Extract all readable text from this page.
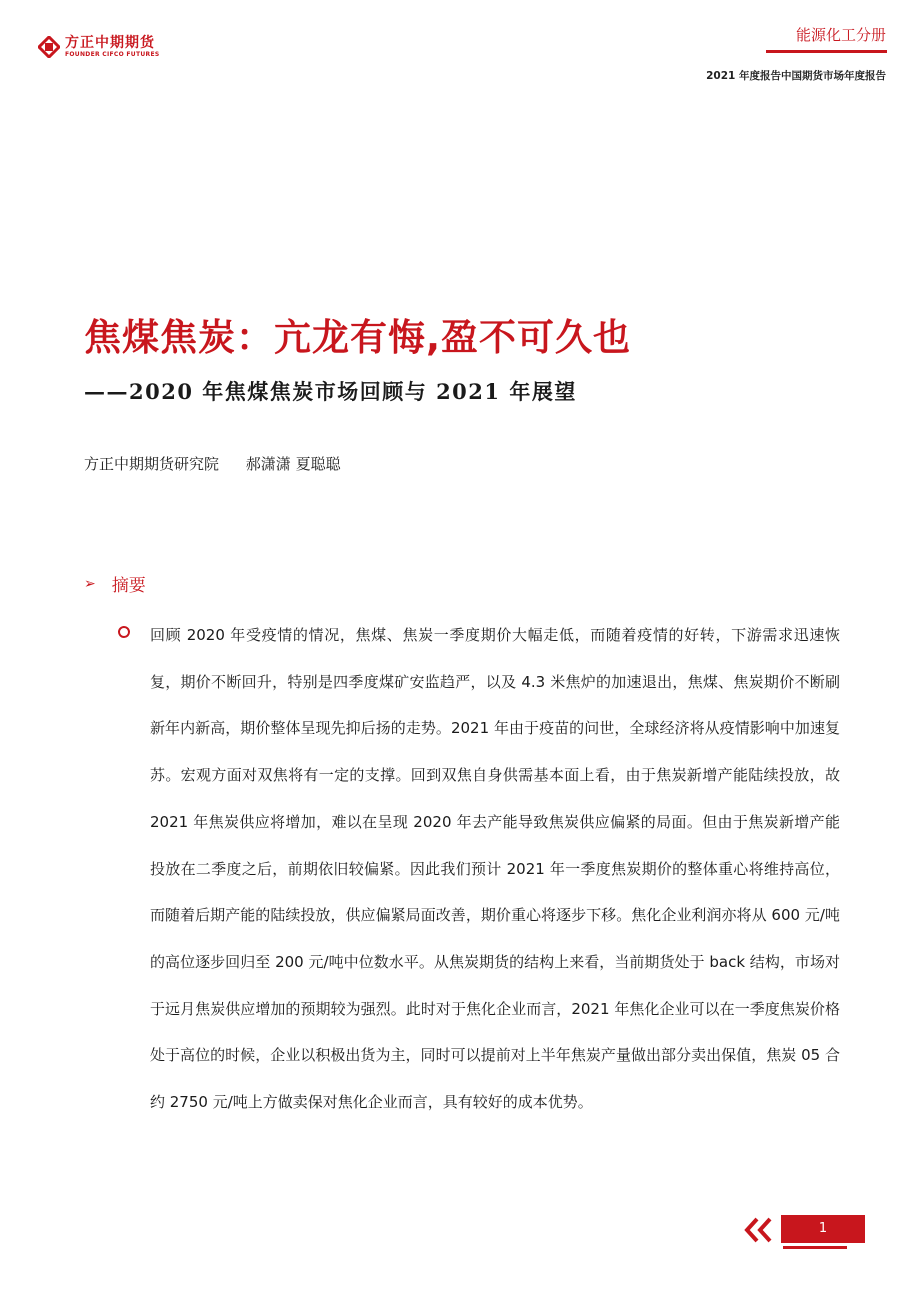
方正中期期货
FOUNDER CIFCO FUTURES
能源化工分册
2021 年度报告中国期货市场年度报告
焦煤焦炭：亢龙有悔,盈不可久也
——2020 年焦煤焦炭市场回顾与 2021 年展望
方正中期期货研究院 郝潇潇 夏聪聪
➢ 摘要

回顾 2020 年受疫情的情况，焦煤、焦炭一季度期价大幅走低，而随着疫情的好转，下游需求迅速恢复，期价不断回升，特别是四季度煤矿安监趋严，以及 4.3 米焦炉的加速退出，焦煤、焦炭期价不断刷新年内新高，期价整体呈现先抑后扬的走势。2021 年由于疫苗的问世，全球经济将从疫情影响中加速复苏。宏观方面对双焦将有一定的支撑。回到双焦自身供需基本面上看，由于焦炭新增产能陆续投放，故 2021 年焦炭供应将增加，难以在呈现 2020 年去产能导致焦炭供应偏紧的局面。但由于焦炭新增产能投放在二季度之后，前期依旧较偏紧。因此我们预计 2021 年一季度焦炭期价的整体重心将维持高位，而随着后期产能的陆续投放，供应偏紧局面改善，期价重心将逐步下移。焦化企业利润亦将从 600 元/吨的高位逐步回归至 200 元/吨中位数水平。从焦炭期货的结构上来看，当前期货处于 back 结构，市场对于远月焦炭供应增加的预期较为强烈。此时对于焦化企业而言，2021 年焦化企业可以在一季度焦炭价格处于高位的时候，企业以积极出货为主，同时可以提前对上半年焦炭产量做出部分卖出保值，焦炭 05 合约 2750 元/吨上方做卖保对焦化企业而言，具有较好的成本优势。

1
